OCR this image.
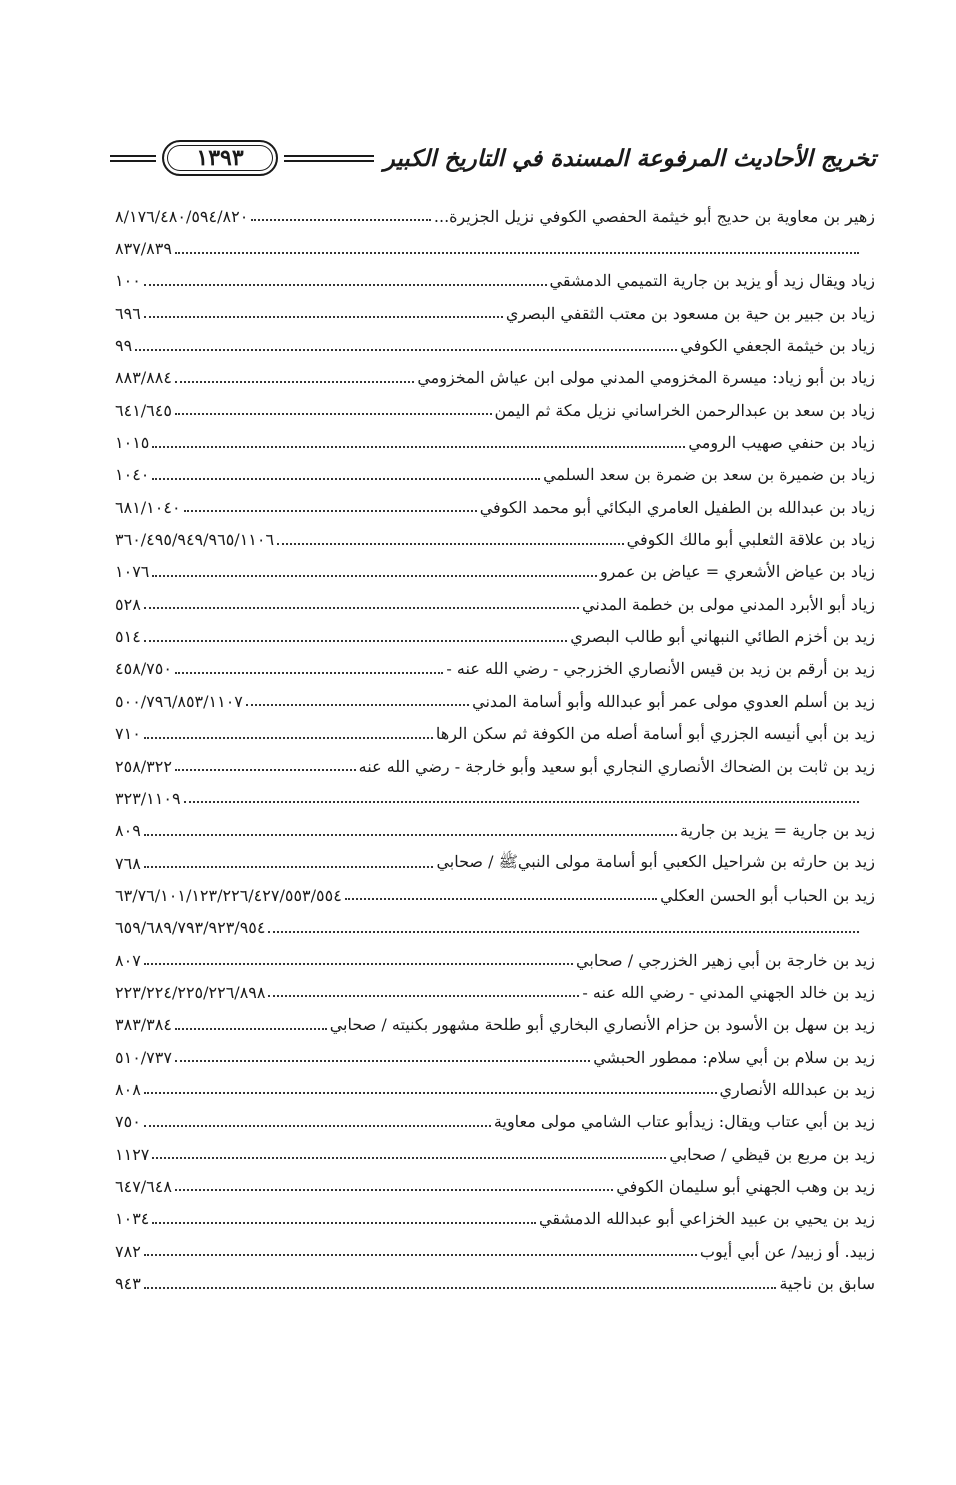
تخريج الأحاديث المرفوعة المسندة في التاريخ الكبير
١٣٩٣
زهير بن معاوية بن حديج أبو خيثمة الحفصي الكوفي نزيل الجزيرة...
٨/١٧٦/٤٨٠/٥٩٤/٨٢٠
٨٣٧/٨٣٩
زياد ويقال زيد أو يزيد بن جارية التميمي الدمشقي
١٠٠
زياد بن جبير بن حية بن مسعود بن معتب الثقفي البصري
٦٩٦
زياد بن خيثمة الجعفي الكوفي
٩٩
زياد بن أبو زياد: ميسرة المخزومي المدني مولى ابن عياش المخزومي
٨٨٣/٨٨٤
زياد بن سعد بن عبدالرحمن الخراساني نزيل مكة ثم اليمن
٦٤١/٦٤٥
زياد بن حنفي صهيب الرومي
١٠١٥
زياد بن ضميرة بن سعد بن ضمرة بن سعد السلمي
١٠٤٠
زياد بن عبدالله بن الطفيل العامري البكائي أبو محمد الكوفي
٦٨١/١٠٤٠
زياد بن علاقة الثعلبي أبو مالك الكوفي
٣٦٠/٤٩٥/٩٤٩/٩٦٥/١١٠٦
زياد بن عياض الأشعري = عياض بن عمرو
١٠٧٦
زياد أبو الأبرد المدني مولى بن خطمة المدني
٥٢٨
زيد بن أخزم الطائي النبهاني أبو طالب البصري
٥١٤
زيد بن أرقم بن زيد بن قيس الأنصاري الخزرجي - رضي الله عنه -
٤٥٨/٧٥٠
زيد بن أسلم العدوي مولى عمر أبو عبدالله وأبو أسامة المدني
٥٠٠/٧٩٦/٨٥٣/١١٠٧
زيد بن أبي أنيسه الجزري أبو أسامة أصله من الكوفة ثم سكن الرها
٧١٠
زيد بن ثابت بن الضحاك الأنصاري النجاري أبو سعيد وأبو خارجة - رضي الله عنه
٢٥٨/٣٢٢
٣٢٣/١١٠٩
زيد بن جارية = يزيد بن جارية
٨٠٩
زيد بن حارثه بن شراحيل الكعبي أبو أسامة مولى النبيﷺ / صحابي
٧٦٨
زيد بن الحباب أبو الحسن العكلي
٦٣/٧٦/١٠١/١٢٣/٢٢٦/٤٢٧/٥٥٣/٥٥٤
٦٥٩/٦٨٩/٧٩٣/٩٢٣/٩٥٤
زيد بن خارجة بن أبي زهير الخزرجي / صحابي
٨٠٧
زيد بن خالد الجهني المدني - رضي الله عنه -
٢٢٣/٢٢٤/٢٢٥/٢٢٦/٨٩٨
زيد بن سهل بن الأسود بن حزام الأنصاري البخاري أبو طلحة مشهور بكنيته / صحابي
٣٨٣/٣٨٤
زيد بن سلام بن أبي سلام: ممطور الحبشي
٥١٠/٧٣٧
زيد بن عبدالله الأنصاري
٨٠٨
زيد بن أبي عتاب ويقال: زيدأبو عتاب الشامي مولى معاوية
٧٥٠
زيد بن مربع بن قيظي / صحابي
١١٢٧
زيد بن وهب الجهني أبو سليمان الكوفي
٦٤٧/٦٤٨
زيد بن يحيي بن عبيد الخزاعي أبو عبدالله الدمشقي
١٠٣٤
زبيد. أو زبيد/ عن أبي أيوب
٧٨٢
سابق بن ناجية
٩٤٣
